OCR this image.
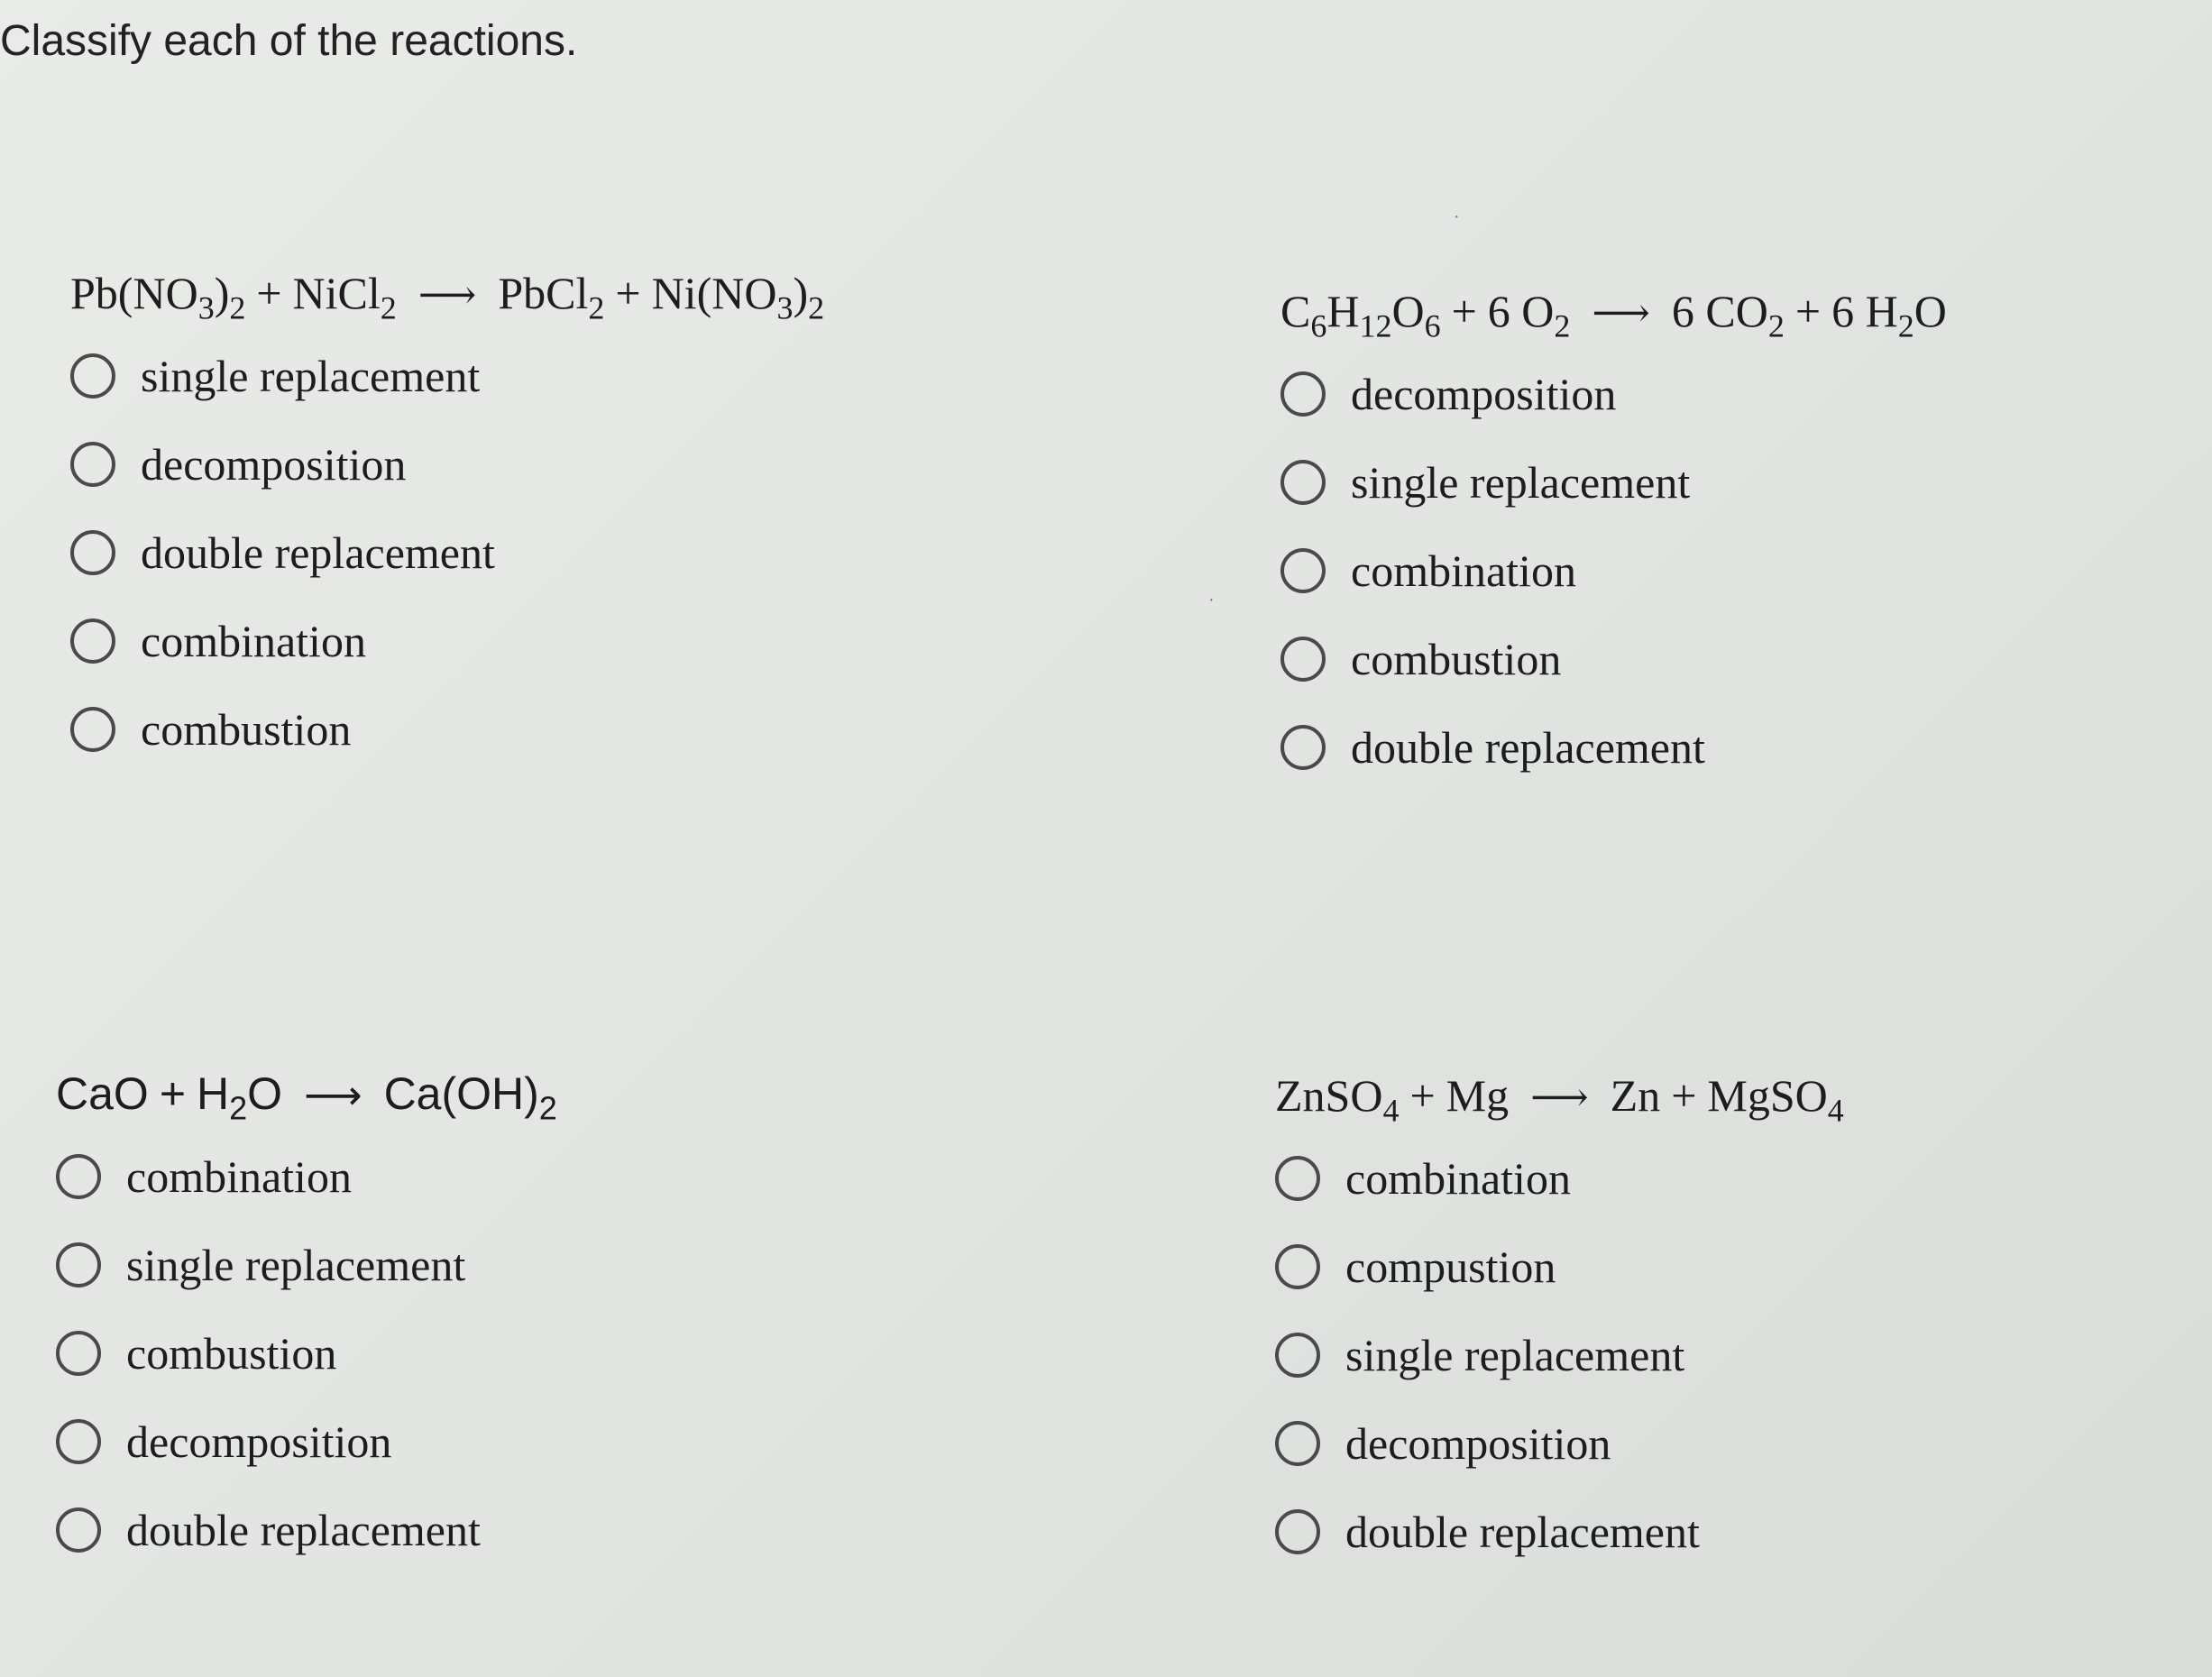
Classify each of the reactions.
$Pb(NO_3)_2$ + NiCl$_2$ ⟶ PbCl$_2$ + $Ni(NO_3)_2$
single replacement
decomposition
double replacement
combination
combustion
$C_6H_{12}O_6 + 6$ $O_2$ ⟶ 6 $CO_2 + 6$ $H_2O$
decomposition
single replacement
combination
combustion
double replacement
CaO + $H_2O$ ⟶ $Ca(OH)_2$
combination
single replacement
combustion
decomposition
double replacement
ZnSO$_4$ + Mg ⟶ Zn + MgSO$_4$
combination
compustion
single replacement
decomposition
double replacement
·
·
